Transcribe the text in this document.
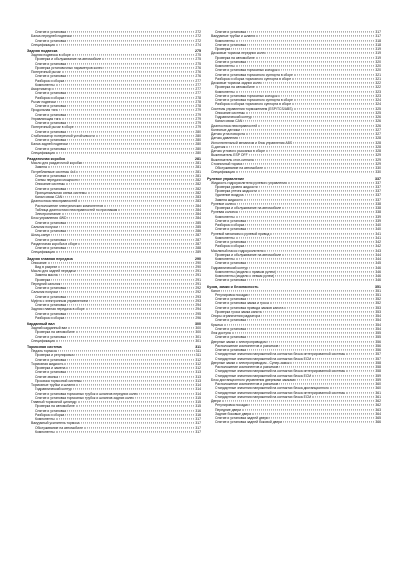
Снятие и установка	272
Балка передней подвески	272
Снятие и установка	272
Спецификация	274
Задняя подвеска	275
Задняя подвеска в сборе	275
Проверка и обслуживание на автомобиле	275
Снятие и установка	275
Проверка установочных параметров колес	276
Поперечный рычаг	276
Снятие и установка	276
Разборка и сборка	277
Компоненты	277
Амортизатор	277
Снятие и установка	277
Разборка и сборка	278
Рычаг подвески	278
Снятие и установка	278
Продольная тяга	279
Снятие и установка	279
Управляющая тяга	279
Снятие и установка	279
Поперечный рычаг в сборе	279
Снятие и установка	280
Стабилизатор поперечной устойчивости	280
Снятие и установка	280
Балка задней подвески	280
Снятие и установка	280
Спецификация	280
Раздаточная коробка	281
Масло для раздаточной коробки	281
Замена	281
Потребляемые системы 4x4	281
Снятие и установка	281
Схемы передачи мощности	282
Описание системы	282
Снятие и установка	282
Принципиальная схема системы	282
Канал связи CAN	283
Диагностика неисправностей	283
Расположение электрических компонентов	284
Таблица диагностики неисправностей по признакам	284
Электропитание	284
Блок управления 4WD	284
Снятие и установка	285
Сальник полуоси	285
Снятие и установка	286
Шлиц-сапун	287
Снятие и установка	287
Раздаточная коробка в сборе	287
Снятие и установка	288
Спецификация	289
Задняя главная передача	290
Описание	290
Вид в разрезе	290
Масло для задней передачи	291
Замена масла	291
Проверка	291
Передний сальник	291
Снятие и установка	292
Сальник полуоси	292
Снятие и установка	293
Муфта с электронным управлением	293
Снятие и установка	294
Задняя главная передача в сборе	294
Снятие и установка	295
Разборка и сборка	296
Карданный вал	300
Задний карданный вал	300
Проверка на автомобиле	300
Снятие и установка	301
Спецификация	301
Тормозная система	311
Педаль тормоза	311
Проверка и регулировка	311
Снятие и установка	312
Тормозная жидкость	312
Проверка и замена	312
Снятие и установка	313
Снятие звонка	313
Прокачка тормозной системы	313
Тормозные трубки и шланги	314
Гидравлический контур	314
Снятие и установка тормозных трубок и шлангов передних колес	314
Снятие и установка тормозных трубок и шлангов задних колес	315
Главный тормозной цилиндр	315
Проверка на автомобиле	315
Снятие и установка	316
Разборка и сборка	316
Компоненты	317
Вакуумный усилитель тормоза	317
Обслуживание на автомобиле	317
Компоненты	317
Снятие и установка	317
Вакуумные трубки и шланги	317
Компоненты	318
Снятие и установка	318
Проверка	319
Дисковые тормоза передних колес	319
Проверка на автомобиле	319
Снятие и установка	320
Компоненты	320
Снятие и установка тормозных колодок	320
Снятие и установка тормозного суппорта в сборе	321
Разборка и сборка тормозного суппорта в сборе	321
Дисковые тормоза задних колес	322
Проверка на автомобиле	322
Компоненты	323
Снятие и установка тормозных колодок	323
Снятие и установка тормозного суппорта в сборе	324
Разборка и сборка тормозного суппорта в сборе	324
Системы управления торможением (ESP/TCS/ABS)	325
Описание системы	325
Гидравлический контур	326
Канал связи CAN	326
Диагностика неисправностей	326
Колесные датчики	327
Датчик угла поворота	327
Датчик давления	328
Исполнительный механизм и блок управления ABS	328
G-датчик	328
Датчик углового рысканья в сборе	328
Выключатель ESP OFF	329
Выключатель стоп-сигнала	329
Стояночный тормоз	329
Обслуживание на автомобиле	330
Спецификация	330
Рулевое управление	337
Жидкость гидроусилителя рулевого управления	337
Проверка уровня жидкости	337
Проверка утечек жидкости	337
Удаление воздуха	337
Замена жидкости	337
Рулевое колесо	338
Проверка и обслуживание на автомобиле	338
Рулевая колонка	338
Компоненты	339
Снятие и установка	339
Разборка и сборка	340
Снятие и установка	340
Рулевой механизм и рулевой привод	341
Компоненты	341
Снятие и установка	342
Разборка и сборка	342
Масляный насос гидроусилителя	343
Проверка и обслуживание на автомобиле	344
Компоненты	344
Снятие и установка	345
Гидравлический контур	346
Компоненты (модели с правым рулем)	346
Компоненты (модели с левым рулем)	346
Снятие и установка	346
Кузов, замки и безопасность	351
Капот	351
Регулировка посадки	351
Снятие и установка	352
Снятие и установка замка и троса	352
Снятие и установка привода замков капота	353
Проверка троса замка капота	353
Опоры ограничения радиатора	354
Снятие и установка	354
Крылья	354
Снятие и установка	354
Люк доступа	355
Снятие и установка	355
Дверные замки с электроприводом	356
Расположение компонентов и разъемов	356
Снятие и установка	356
Стандартные значения напряжений на контактах блока интегрированной системы	357
Стандартные значения напряжений на контактах блока ECM	357
Дверные замки с электроприводом - Супер-замок	358
Расположение компонентов и разъемов	358
Стандартные значения напряжений на контактах блока интегрированной системы	358
Стандартные значения напряжений на контактах блока ECM	359
Блок дистанционного управления дверными замками	359
Расположение компонентов и разъемов	360
Стандартные значения напряжений на контактах блока дистанционного	360
Стандартные значения напряжений на контактах блока интегрированной системы	361
Стандартные значения напряжений на контактах блока ECM	361
Двери	362
Регулировка посадки	362
Передние двери	363
Задние боковые двери	364
Снятие и установка задней двери	365
Снятие и установка задней боковой двери	366
